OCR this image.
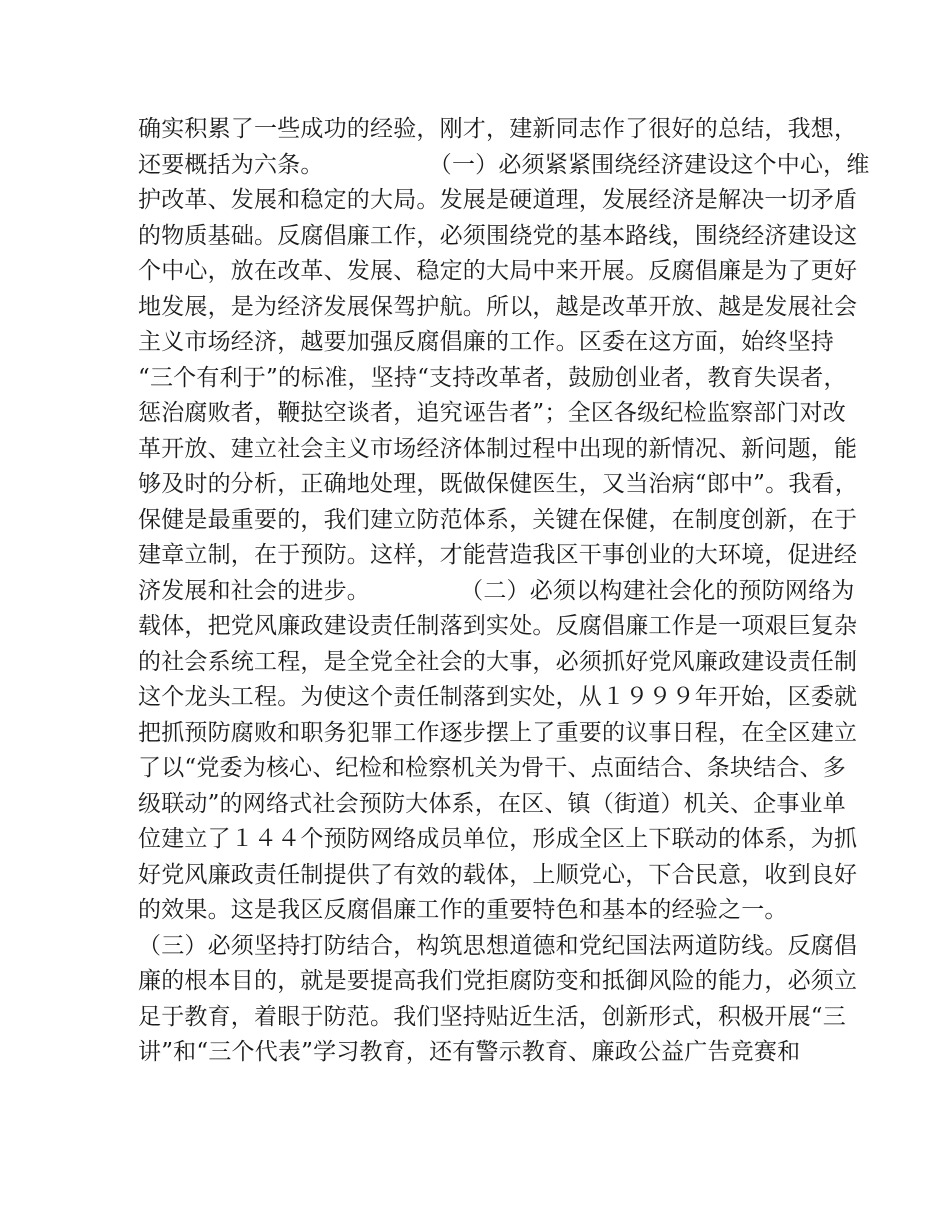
确实积累了一些成功的经验，刚才，建新同志作了很好的总结，我想，
还要概括为六条。              （一）必须紧紧围绕经济建设这个中心，维
护改革、发展和稳定的大局。发展是硬道理，发展经济是解决一切矛盾
的物质基础。反腐倡廉工作，必须围绕党的基本路线，围绕经济建设这
个中心，放在改革、发展、稳定的大局中来开展。反腐倡廉是为了更好
地发展，是为经济发展保驾护航。所以，越是改革开放、越是发展社会
主义市场经济，越要加强反腐倡廉的工作。区委在这方面，始终坚持
“三个有利于”的标准，坚持“支持改革者，鼓励创业者，教育失误者，
惩治腐败者，鞭挞空谈者，追究诬告者”；全区各级纪检监察部门对改
革开放、建立社会主义市场经济体制过程中出现的新情况、新问题，能
够及时的分析，正确地处理，既做保健医生，又当治病“郎中”。我看，
保健是最重要的，我们建立防范体系，关键在保健，在制度创新，在于
建章立制，在于预防。这样，才能营造我区干事创业的大环境，促进经
济发展和社会的进步。            （二）必须以构建社会化的预防网络为
载体，把党风廉政建设责任制落到实处。反腐倡廉工作是一项艰巨复杂
的社会系统工程，是全党全社会的大事，必须抓好党风廉政建设责任制
这个龙头工程。为使这个责任制落到实处，从１９９９年开始，区委就
把抓预防腐败和职务犯罪工作逐步摆上了重要的议事日程，在全区建立
了以“党委为核心、纪检和检察机关为骨干、点面结合、条块结合、多
级联动”的网络式社会预防大体系，在区、镇（街道）机关、企事业单
位建立了１４４个预防网络成员单位，形成全区上下联动的体系，为抓
好党风廉政责任制提供了有效的载体，上顺党心，下合民意，收到良好
的效果。这是我区反腐倡廉工作的重要特色和基本的经验之一。
（三）必须坚持打防结合，构筑思想道德和党纪国法两道防线。反腐倡
廉的根本目的，就是要提高我们党拒腐防变和抵御风险的能力，必须立
足于教育，着眼于防范。我们坚持贴近生活，创新形式，积极开展“三
讲”和“三个代表”学习教育，还有警示教育、廉政公益广告竞赛和
